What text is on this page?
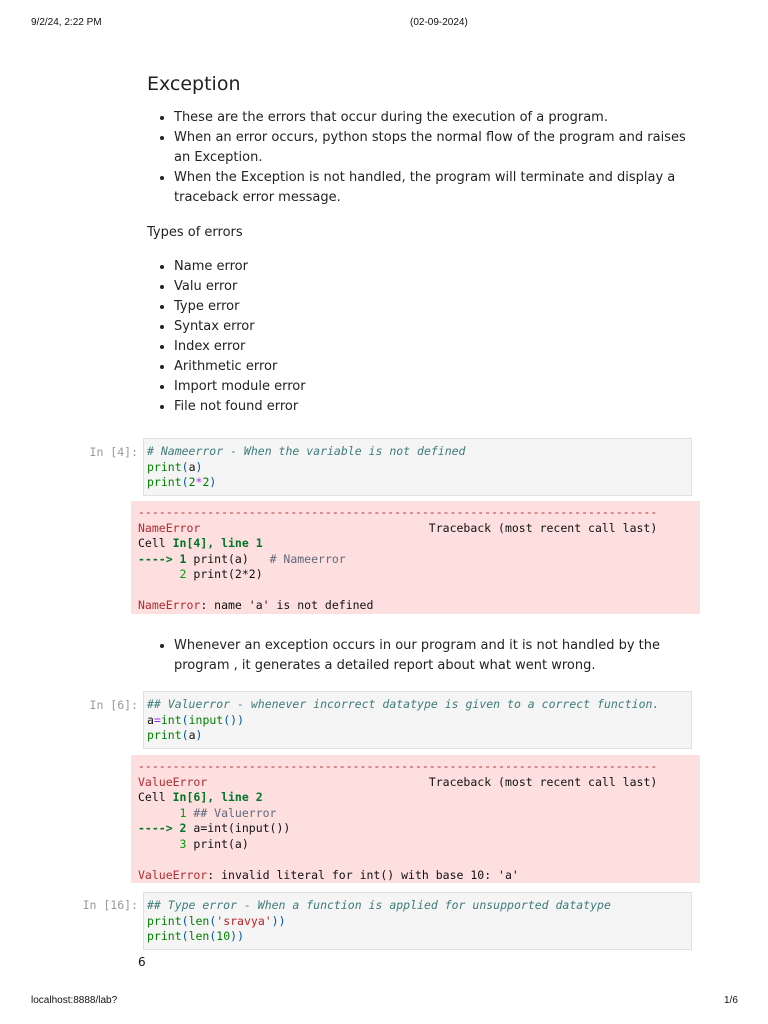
9/2/24, 2:22 PM	(02-09-2024)
Exception
• These are the errors that occur during the execution of a program.
• When an error occurs, python stops the normal flow of the program and raises an Exception.
• When the Exception is not handled, the program will terminate and display a traceback error message.

Types of errors

• Name error
• Valu error
• Type error
• Syntax error
• Index error
• Arithmetic error
• Import module error
• File not found error
In [4]: # Nameerror - When the variable is not defined
print(a)
print(2*2)
---------------------------------------------------------------------------
NameError	Traceback (most recent call last)
Cell In[4], line 1
----> 1 print(a) # Nameerror
2 print(2*2)

NameError: name 'a' is not defined
• Whenever an exception occurs in our program and it is not handled by the program , it generates a detailed report about what went wrong.
In [6]: ## Valuerror - whenever incorrect datatype is given to a correct function.
a=int(input())
print(a)
---------------------------------------------------------------------------
ValueError	Traceback (most recent call last)
Cell In[6], line 2
1 ## Valuerror
----> 2 a=int(input())
3 print(a)

ValueError: invalid literal for int() with base 10: 'a'
In [16]: ## Type error - When a function is applied for unsupported datatype
print(len('sravya'))
print(len(10))
6
localhost:8888/lab?	1/6
